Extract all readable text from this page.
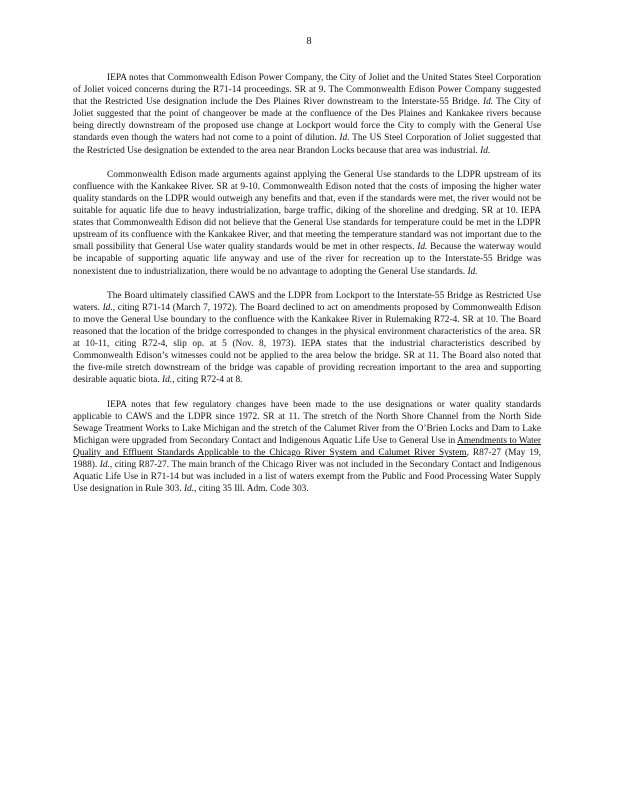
8

IEPA notes that Commonwealth Edison Power Company, the City of Joliet and the United States Steel Corporation of Joliet voiced concerns during the R71-14 proceedings. SR at 9. The Commonwealth Edison Power Company suggested that the Restricted Use designation include the Des Plaines River downstream to the Interstate-55 Bridge. Id. The City of Joliet suggested that the point of changeover be made at the confluence of the Des Plaines and Kankakee rivers because being directly downstream of the proposed use change at Lockport would force the City to comply with the General Use standards even though the waters had not come to a point of dilution. Id. The US Steel Corporation of Joliet suggested that the Restricted Use designation be extended to the area near Brandon Locks because that area was industrial. Id.

Commonwealth Edison made arguments against applying the General Use standards to the LDPR upstream of its confluence with the Kankakee River. SR at 9-10. Commonwealth Edison noted that the costs of imposing the higher water quality standards on the LDPR would outweigh any benefits and that, even if the standards were met, the river would not be suitable for aquatic life due to heavy industrialization, barge traffic, diking of the shoreline and dredging. SR at 10. IEPA states that Commonwealth Edison did not believe that the General Use standards for temperature could be met in the LDPR upstream of its confluence with the Kankakee River, and that meeting the temperature standard was not important due to the small possibility that General Use water quality standards would be met in other respects. Id. Because the waterway would be incapable of supporting aquatic life anyway and use of the river for recreation up to the Interstate-55 Bridge was nonexistent due to industrialization, there would be no advantage to adopting the General Use standards. Id.

The Board ultimately classified CAWS and the LDPR from Lockport to the Interstate-55 Bridge as Restricted Use waters. Id., citing R71-14 (March 7, 1972). The Board declined to act on amendments proposed by Commonwealth Edison to move the General Use boundary to the confluence with the Kankakee River in Rulemaking R72-4. SR at 10. The Board reasoned that the location of the bridge corresponded to changes in the physical environment characteristics of the area. SR at 10-11, citing R72-4, slip op. at 5 (Nov. 8, 1973). IEPA states that the industrial characteristics described by Commonwealth Edison’s witnesses could not be applied to the area below the bridge. SR at 11. The Board also noted that the five-mile stretch downstream of the bridge was capable of providing recreation important to the area and supporting desirable aquatic biota. Id., citing R72-4 at 8.

IEPA notes that few regulatory changes have been made to the use designations or water quality standards applicable to CAWS and the LDPR since 1972. SR at 11. The stretch of the North Shore Channel from the North Side Sewage Treatment Works to Lake Michigan and the stretch of the Calumet River from the O’Brien Locks and Dam to Lake Michigan were upgraded from Secondary Contact and Indigenous Aquatic Life Use to General Use in Amendments to Water Quality and Effluent Standards Applicable to the Chicago River System and Calumet River System, R87-27 (May 19, 1988). Id., citing R87-27. The main branch of the Chicago River was not included in the Secondary Contact and Indigenous Aquatic Life Use in R71-14 but was included in a list of waters exempt from the Public and Food Processing Water Supply Use designation in Rule 303. Id., citing 35 Ill. Adm. Code 303.
